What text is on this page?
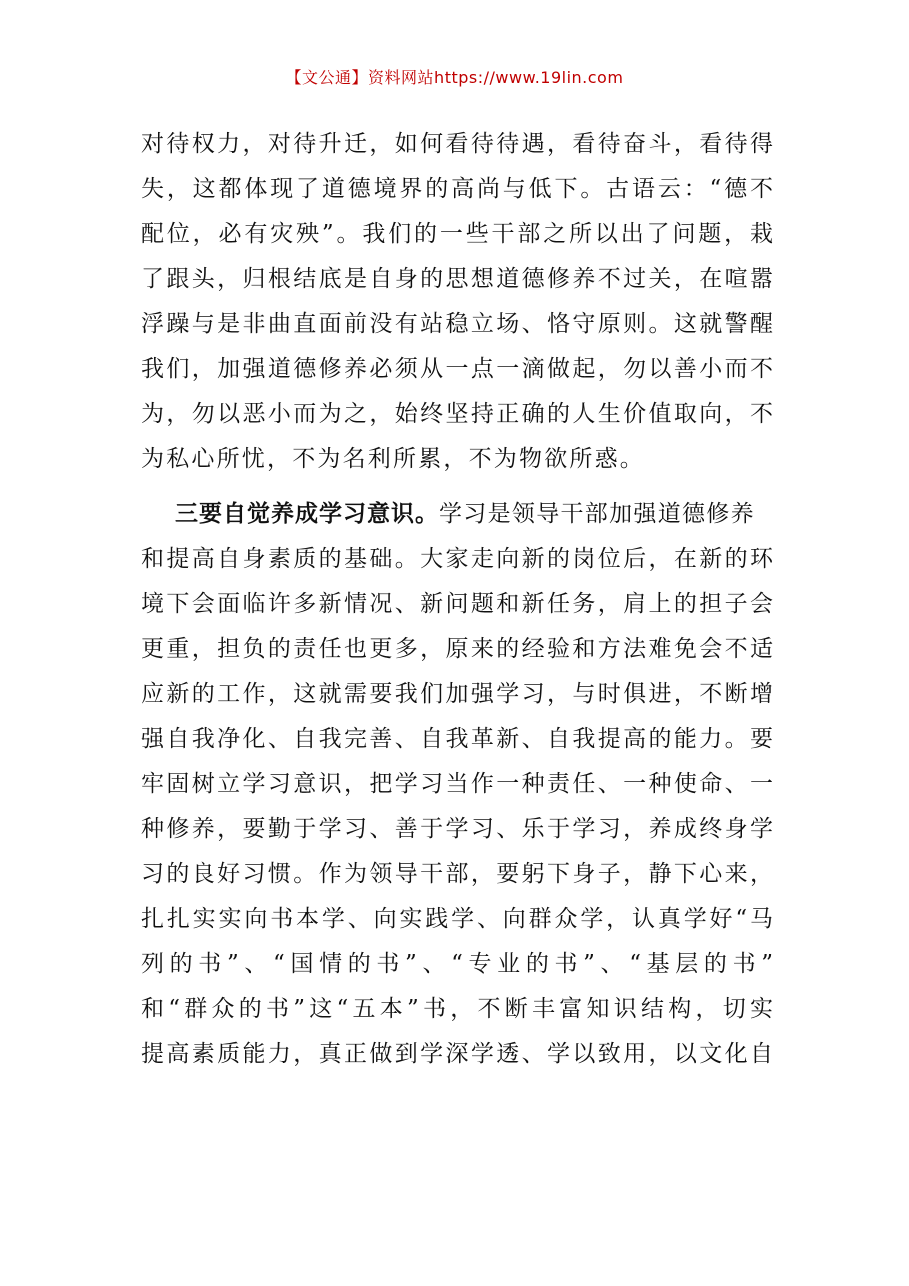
【文公通】资料网站https://www.19lin.com
对待权力，对待升迁，如何看待待遇，看待奋斗，看待得
失，这都体现了道德境界的高尚与低下。古语云：“德不
配位，必有灾殃”。我们的一些干部之所以出了问题，栽
了跟头，归根结底是自身的思想道德修养不过关，在喧嚣
浮躁与是非曲直面前没有站稳立场、恪守原则。这就警醒
我们，加强道德修养必须从一点一滴做起，勿以善小而不
为，勿以恶小而为之，始终坚持正确的人生价值取向，不
为私心所忧，不为名利所累，不为物欲所惑。
三要自觉养成学习意识。学习是领导干部加强道德修养
和提高自身素质的基础。大家走向新的岗位后，在新的环
境下会面临许多新情况、新问题和新任务，肩上的担子会
更重，担负的责任也更多，原来的经验和方法难免会不适
应新的工作，这就需要我们加强学习，与时俱进，不断增
强自我净化、自我完善、自我革新、自我提高的能力。要
牢固树立学习意识，把学习当作一种责任、一种使命、一
种修养，要勤于学习、善于学习、乐于学习，养成终身学
习的良好习惯。作为领导干部，要躬下身子，静下心来，
扎扎实实向书本学、向实践学、向群众学，认真学好“马
列的书”、“国情的书”、“专业的书”、“基层的书”
和“群众的书”这“五本”书，不断丰富知识结构，切实
提高素质能力，真正做到学深学透、学以致用，以文化自
